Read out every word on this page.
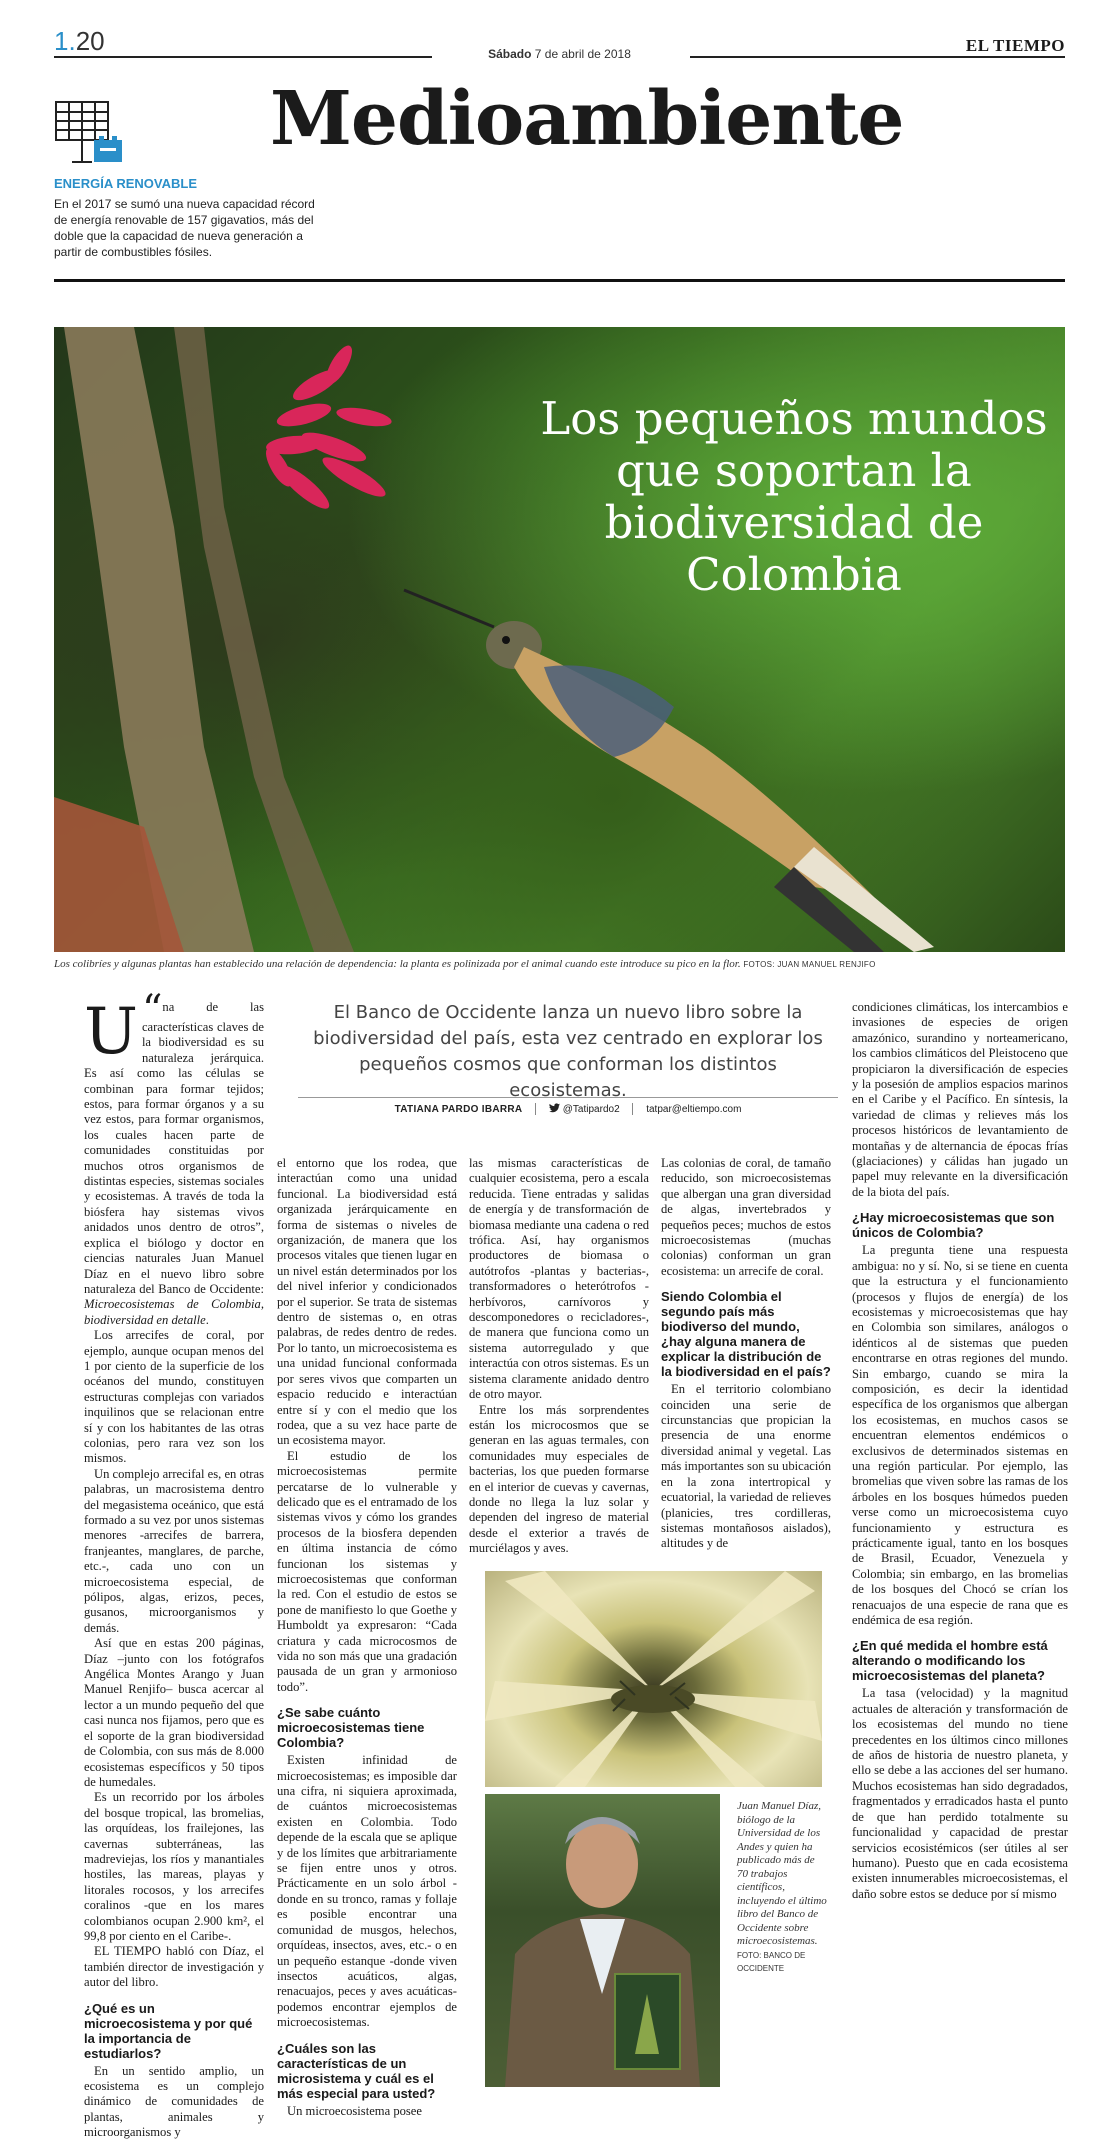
1.20	Sábado 7 de abril de 2018	EL TIEMPO
Medioambiente
ENERGÍA RENOVABLE
En el 2017 se sumó una nueva capacidad récord de energía renovable de 157 gigavatios, más del doble que la capacidad de nueva generación a partir de combustibles fósiles.
Los pequeños mundos que soportan la biodiversidad de Colombia
Los colibríes y algunas plantas han establecido una relación de dependencia: la planta es polinizada por el animal cuando este introduce su pico en la flor. FOTOS: JUAN MANUEL RENJIFO
El Banco de Occidente lanza un nuevo libro sobre la biodiversidad del país, esta vez centrado en explorar los pequeños cosmos que conforman los distintos ecosistemas.
TATIANA PARDO IBARRA	@Tatipardo2	tatpar@eltiempo.com

“
U na de las características claves de la biodiversidad es su naturaleza jerárquica. Es así como las células se combinan para formar tejidos; estos, para formar órganos y a su vez estos, para formar organismos, los cuales hacen parte de comunidades constituidas por muchos otros organismos de distintas especies, sistemas sociales y ecosistemas. A través de toda la biósfera hay sistemas vivos anidados unos dentro de otros”, explica el biólogo y doctor en ciencias naturales Juan Manuel Díaz en el nuevo libro sobre naturaleza del Banco de Occidente: Microecosistemas de Colombia, biodiversidad en detalle.

Los arrecifes de coral, por ejemplo, aunque ocupan menos del 1 por ciento de la superficie de los océanos del mundo, constituyen estructuras complejas con variados inquilinos que se relacionan entre sí y con los habitantes de las otras colonias, pero rara vez son los mismos.

Un complejo arrecifal es, en otras palabras, un macrosistema dentro del megasistema oceánico, que está formado a su vez por unos sistemas menores -arrecifes de barrera, franjeantes, manglares, de parche, etc.-, cada uno con un microecosistema especial, de pólipos, algas, erizos, peces, gusanos, microorganismos y demás.

Así que en estas 200 páginas, Díaz –junto con los fotógrafos Angélica Montes Arango y Juan Manuel Renjifo– busca acercar al lector a un mundo pequeño del que casi nunca nos fijamos, pero que es el soporte de la gran biodiversidad de Colombia, con sus más de 8.000 ecosistemas específicos y 50 tipos de humedales.

Es un recorrido por los árboles del bosque tropical, las bromelias, las orquídeas, los frailejones, las cavernas subterráneas, las madreviejas, los ríos y manantiales hostiles, las mareas, playas y litorales rocosos, y los arrecifes coralinos -que en los mares colombianos ocupan 2.900 km², el 99,8 por ciento en el Caribe-.

EL TIEMPO habló con Díaz, el también director de investigación y autor del libro.

¿Qué es un microecosistema y por qué la importancia de estudiarlos?

En un sentido amplio, un ecosistema es un complejo dinámico de comunidades de plantas, animales y microorganismos y

el entorno que los rodea, que interactúan como una unidad funcional. La biodiversidad está organizada jerárquicamente en forma de sistemas o niveles de organización, de manera que los procesos vitales que tienen lugar en un nivel están determinados por los del nivel inferior y condicionados por el superior. Se trata de sistemas dentro de sistemas o, en otras palabras, de redes dentro de redes. Por lo tanto, un microecosistema es una unidad funcional conformada por seres vivos que comparten un espacio reducido e interactúan entre sí y con el medio que los rodea, que a su vez hace parte de un ecosistema mayor.

El estudio de los microecosistemas permite percatarse de lo vulnerable y delicado que es el entramado de los sistemas vivos y cómo los grandes procesos de la biosfera dependen en última instancia de cómo funcionan los sistemas y microecosistemas que conforman la red. Con el estudio de estos se pone de manifiesto lo que Goethe y Humboldt ya expresaron: “Cada criatura y cada microcosmos de vida no son más que una gradación pausada de un gran y armonioso todo”.

¿Se sabe cuánto microecosistemas tiene Colombia?

Existen infinidad de microecosistemas; es imposible dar una cifra, ni siquiera aproximada, de cuántos microecosistemas existen en Colombia. Todo depende de la escala que se aplique y de los límites que arbitrariamente se fijen entre unos y otros. Prácticamente en un solo árbol -donde en su tronco, ramas y follaje es posible encontrar una comunidad de musgos, helechos, orquídeas, insectos, aves, etc.- o en un pequeño estanque -donde viven insectos acuáticos, algas, renacuajos, peces y aves acuáticas- podemos encontrar ejemplos de microecosistemas.

¿Cuáles son las características de un microsistema y cuál es el más especial para usted?

Un microecosistema posee

las mismas características de cualquier ecosistema, pero a escala reducida. Tiene entradas y salidas de energía y de transformación de biomasa mediante una cadena o red trófica. Así, hay organismos productores de biomasa o autótrofos -plantas y bacterias-, transformadores o heterótrofos -herbívoros, carnívoros y descomponedores o recicladores-, de manera que funciona como un sistema autorregulado y que interactúa con otros sistemas. Es un sistema claramente anidado dentro de otro mayor.

Entre los más sorprendentes están los microcosmos que se generan en las aguas termales, con comunidades muy especiales de bacterias, los que pueden formarse en el interior de cuevas y cavernas, donde no llega la luz solar y dependen del ingreso de material desde el exterior a través de murciélagos y aves.

Las colonias de coral, de tamaño reducido, son microecosistemas que albergan una gran diversidad de algas, invertebrados y pequeños peces; muchos de estos microecosistemas (muchas colonias) conforman un gran ecosistema: un arrecife de coral.

Siendo Colombia el segundo país más biodiverso del mundo, ¿hay alguna manera de explicar la distribución de la biodiversidad en el país?

En el territorio colombiano coinciden una serie de circunstancias que propician la presencia de una enorme diversidad animal y vegetal. Las más importantes son su ubicación en la zona intertropical y ecuatorial, la variedad de relieves (planicies, tres cordilleras, sistemas montañosos aislados), altitudes y de

condiciones climáticas, los intercambios e invasiones de especies de origen amazónico, surandino y norteamericano, los cambios climáticos del Pleistoceno que propiciaron la diversificación de especies y la posesión de amplios espacios marinos en el Caribe y el Pacífico. En síntesis, la variedad de climas y relieves más los procesos históricos de levantamiento de montañas y de alternancia de épocas frías (glaciaciones) y cálidas han jugado un papel muy relevante en la diversificación de la biota del país.

¿Hay microecosistemas que son únicos de Colombia?

La pregunta tiene una respuesta ambigua: no y sí. No, si se tiene en cuenta que la estructura y el funcionamiento (procesos y flujos de energía) de los ecosistemas y microecosistemas que hay en Colombia son similares, análogos o idénticos al de sistemas que pueden encontrarse en otras regiones del mundo. Sin embargo, cuando se mira la composición, es decir la identidad específica de los organismos que albergan los ecosistemas, en muchos casos se encuentran elementos endémicos o exclusivos de determinados sistemas en una región particular. Por ejemplo, las bromelias que viven sobre las ramas de los árboles en los bosques húmedos pueden verse como un microecosistema cuyo funcionamiento y estructura es prácticamente igual, tanto en los bosques de Brasil, Ecuador, Venezuela y Colombia; sin embargo, en las bromelias de los bosques del Chocó se crían los renacuajos de una especie de rana que es endémica de esa región.

¿En qué medida el hombre está alterando o modificando los microecosistemas del planeta?

La tasa (velocidad) y la magnitud actuales de alteración y transformación de los ecosistemas del mundo no tiene precedentes en los últimos cinco millones de años de historia de nuestro planeta, y ello se debe a las acciones del ser humano. Muchos ecosistemas han sido degradados, fragmentados y erradicados hasta el punto de que han perdido totalmente su funcionalidad y capacidad de prestar servicios ecosistémicos (ser útiles al ser humano). Puesto que en cada ecosistema existen innumerables microecosistemas, el daño sobre estos se deduce por sí mismo

Juan Manuel Díaz, biólogo de la Universidad de los Andes y quien ha publicado más de 70 trabajos científicos, incluyendo el último libro del Banco de Occidente sobre microecosistemas. FOTO: BANCO DE OCCIDENTE
